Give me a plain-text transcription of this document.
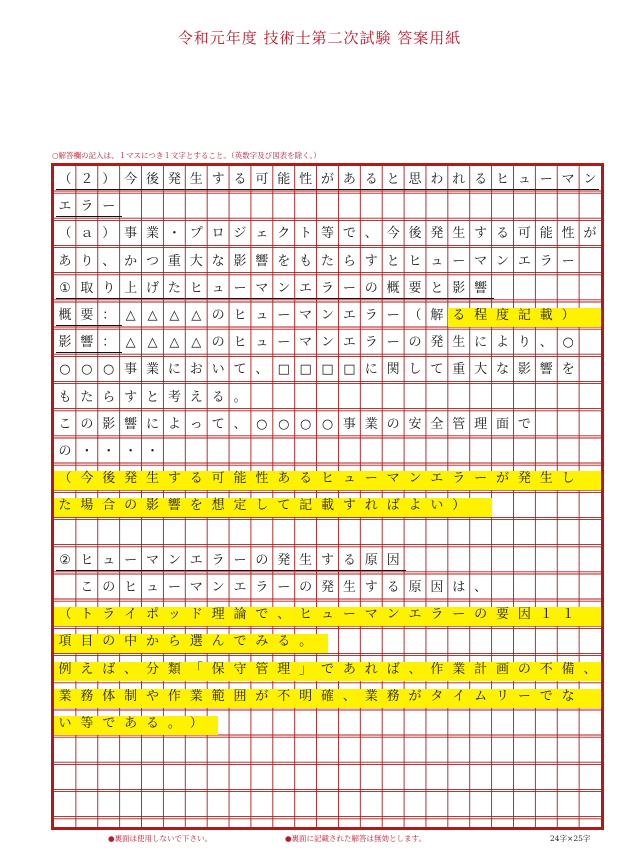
令和元年度 技術士第二次試験 答案用紙
○解答欄の記入は、１マスにつき１文字とすること。（英数字及び図表を除く。）
（ ２ ） 今 後 発 生 す る 可 能 性 が あ る と 思 わ れ る ヒ ュ ー マ ン
エ ラ ー
（ ａ ） 事 業 ・ プ ロ ジ ェ ク ト 等 で 、 今 後 発 生 す る 可 能 性 が
あ り 、 か つ 重 大 な 影 響 を も た ら す と ヒ ュ ー マ ン エ ラ ー
① 取 り 上 げ た ヒ ュ ー マ ン エ ラ ー の 概 要 と 影 響
概 要 ： △ △ △ △ の ヒ ュ ー マ ン エ ラ ー （ 解 る 程 度 記 載 ）
影 響 ： △ △ △ △ の ヒ ュ ー マ ン エ ラ ー の 発 生 に よ り 、 ○
○ ○ ○ 事 業 に お い て 、 □ □ □ □ に 関 し て 重 大 な 影 響 を
も た ら す と 考 え る 。
こ の 影 響 に よ っ て 、 ○ ○ ○ ○ 事 業 の 安 全 管 理 面 で
の ・ ・ ・ ・
（ 今 後 発 生 す る 可 能 性 あ る ヒ ュ ー マ ン エ ラ ー が 発 生 し
た 場 合 の 影 響 を 想 定 し て 記 載 す れ ば よ い ）
② ヒ ュ ー マ ン エ ラ ー の 発 生 す る 原 因

こ の ヒ ュ ー マ ン エ ラ ー の 発 生 す る 原 因 は 、
（ ト ラ イ ポ ッ ド 理 論 で 、 ヒ ュ ー マ ン エ ラ ー の 要 因 １ １
項 目 の 中 か ら 選 ん で み る 。
例 え ば 、 分 類 「 保 守 管 理 」 で あ れ ば 、 作 業 計 画 の 不 備 、
業 務 体 制 や 作 業 範 囲 が 不 明 確 、 業 務 が タ イ ム リ ー で な
い 等 で あ る 。 ）
●裏面は使用しないで下さい。	●裏面に記載された解答は無効とします。	24字×25字
